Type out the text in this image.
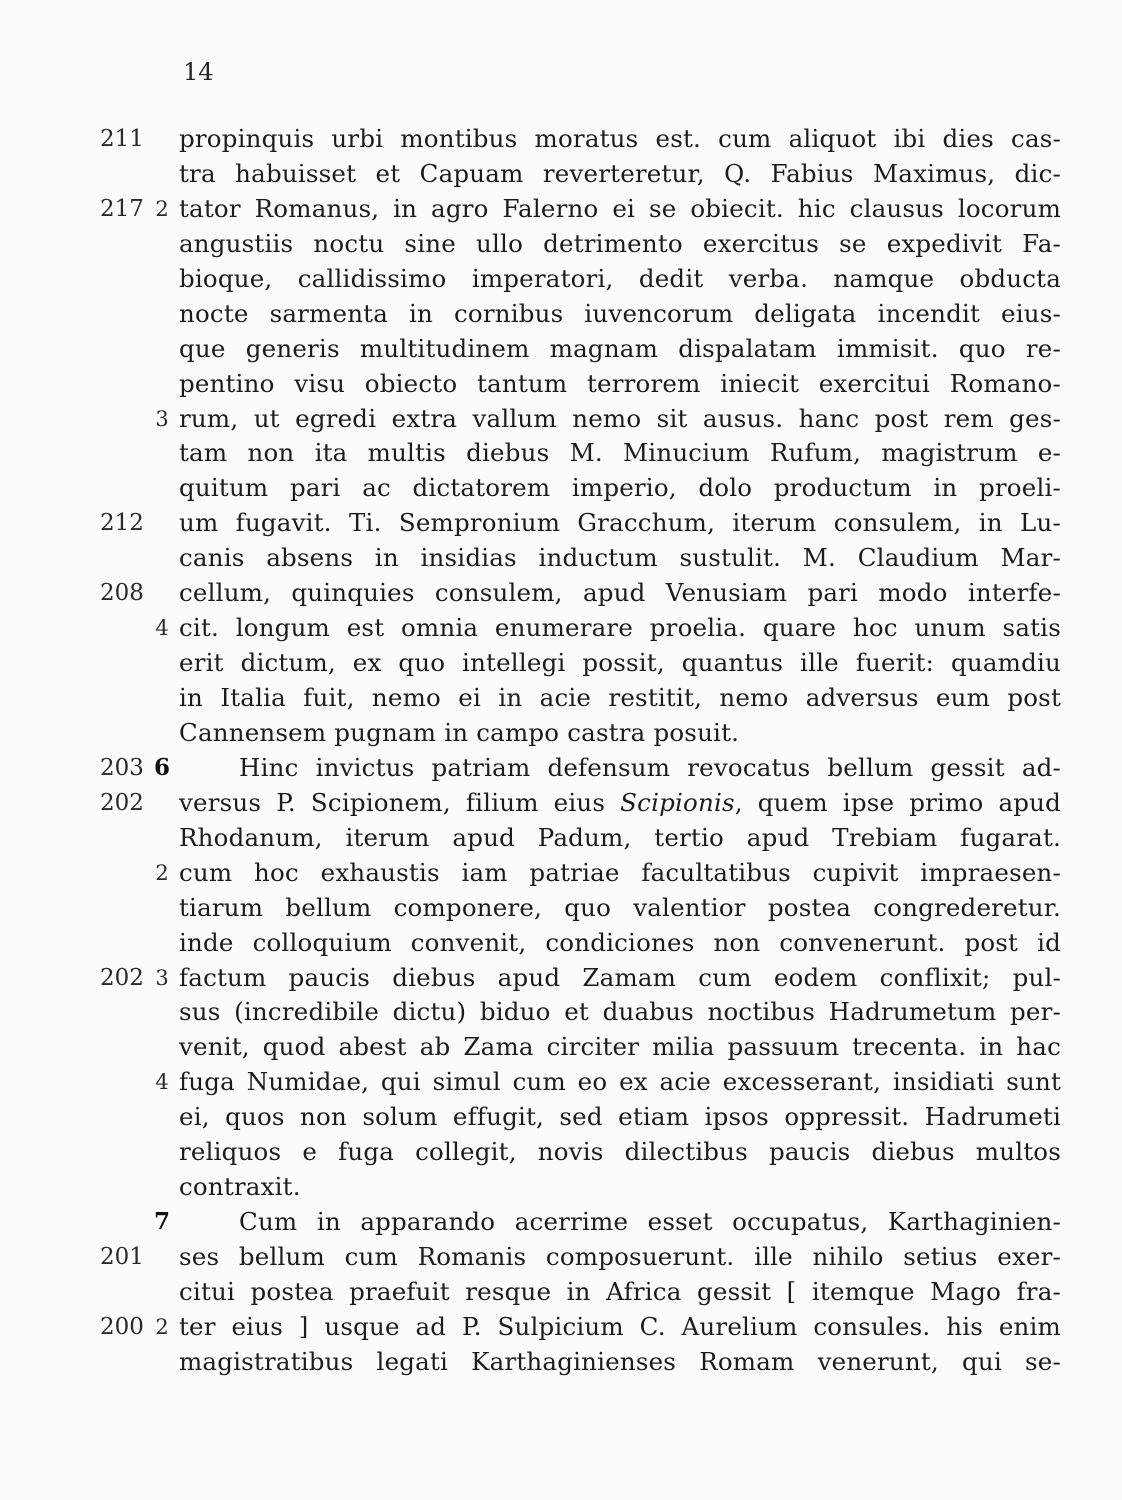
14
211	propinquis urbi montibus moratus est. cum aliquot ibi dies cas-
tra habuisset et Capuam reverteretur, Q. Fabius Maximus, dic-
217 2 tator Romanus, in agro Falerno ei se obiecit. hic clausus locorum
angustiis noctu sine ullo detrimento exercitus se expedivit Fa-
bioque, callidissimo imperatori, dedit verba. namque obducta
nocte sarmenta in cornibus iuvencorum deligata incendit eius-
que generis multitudinem magnam dispalatam immisit. quo re-
pentino visu obiecto tantum terrorem iniecit exercitui Romano-
3 rum, ut egredi extra vallum nemo sit ausus. hanc post rem ges-
tam non ita multis diebus M. Minucium Rufum, magistrum e-
quitum pari ac dictatorem imperio, dolo productum in proeli-
212	um fugavit. Ti. Sempronium Gracchum, iterum consulem, in Lu-
canis absens in insidias inductum sustulit. M. Claudium Mar-
208	cellum, quinquies consulem, apud Venusiam pari modo interfe-
4 cit. longum est omnia enumerare proelia. quare hoc unum satis
erit dictum, ex quo intellegi possit, quantus ille fuerit: quamdiu
in Italia fuit, nemo ei in acie restitit, nemo adversus eum post
Cannensem pugnam in campo castra posuit.
203 6	Hinc invictus patriam defensum revocatus bellum gessit ad-
202	versus P. Scipionem, filium eius Scipionis, quem ipse primo apud
Rhodanum, iterum apud Padum, tertio apud Trebiam fugarat.
2 cum hoc exhaustis iam patriae facultatibus cupivit impraesen-
tiarum bellum componere, quo valentior postea congrederetur.
inde colloquium convenit, condiciones non convenerunt. post id
202 3 factum paucis diebus apud Zamam cum eodem conflixit; pul-
sus (incredibile dictu) biduo et duabus noctibus Hadrumetum per-
venit, quod abest ab Zama circiter milia passuum trecenta. in hac
4 fuga Numidae, qui simul cum eo ex acie excesserant, insidiati sunt
ei, quos non solum effugit, sed etiam ipsos oppressit. Hadrumeti
reliquos e fuga collegit, novis dilectibus paucis diebus multos
contraxit.
7	Cum in apparando acerrime esset occupatus, Karthaginien-
201	ses bellum cum Romanis composuerunt. ille nihilo setius exer-
citui postea praefuit resque in Africa gessit [ itemque Mago fra-
200 2 ter eius ] usque ad P. Sulpicium C. Aurelium consules. his enim
magistratibus legati Karthaginienses Romam venerunt, qui se-
